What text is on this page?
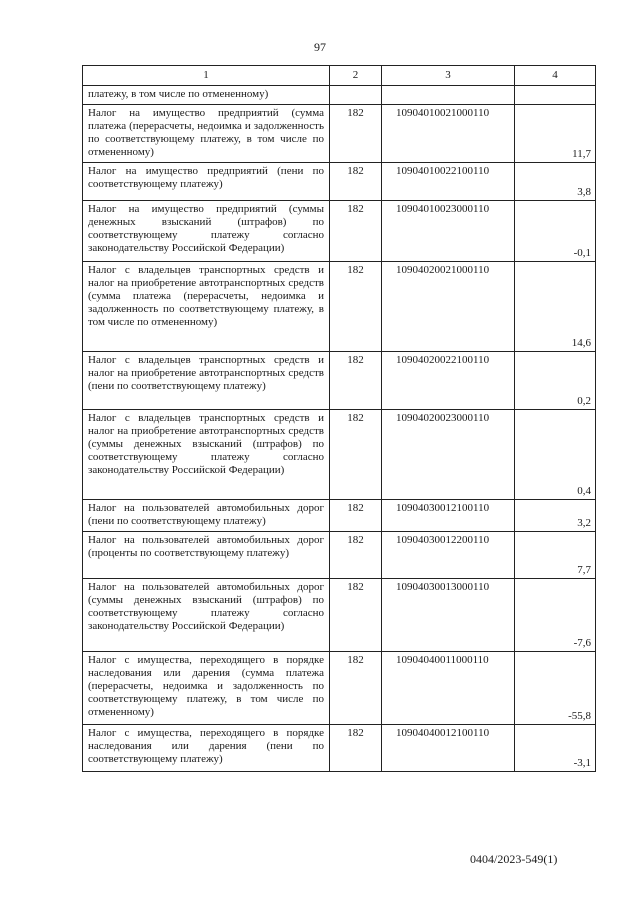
97
1	2	3	4
платежу, в том числе по отмененному)			
Налог на имущество предприятий (сумма платежа (перерасчеты, недоимка и задолженность по соответствующему платежу, в том числе по отмененному)	182	10904010021000110	11,7
Налог на имущество предприятий (пени по соответствующему платежу)	182	10904010022100110	3,8
Налог на имущество предприятий (суммы денежных взысканий (штрафов) по соответствующему платежу согласно законодательству Российской Федерации)	182	10904010023000110	-0,1
Налог с владельцев транспортных средств и налог на приобретение автотранспортных средств (сумма платежа (перерасчеты, недоимка и задолженность по соответствующему платежу, в том числе по отмененному)	182	10904020021000110	14,6
Налог с владельцев транспортных средств и налог на приобретение автотранспортных средств (пени по соответствующему платежу)	182	10904020022100110	0,2
Налог с владельцев транспортных средств и налог на приобретение автотранспортных средств (суммы денежных взысканий (штрафов) по соответствующему платежу согласно законодательству Российской Федерации)	182	10904020023000110	0,4
Налог на пользователей автомобильных дорог (пени по соответствующему платежу)	182	10904030012100110	3,2
Налог на пользователей автомобильных дорог (проценты по соответствующему платежу)	182	10904030012200110	7,7
Налог на пользователей автомобильных дорог (суммы денежных взысканий (штрафов) по соответствующему платежу согласно законодательству Российской Федерации)	182	10904030013000110	-7,6
Налог с имущества, переходящего в порядке наследования или дарения (сумма платежа (перерасчеты, недоимка и задолженность по соответствующему платежу, в том числе по отмененному)	182	10904040011000110	-55,8
Налог с имущества, переходящего в порядке наследования или дарения (пени по соответствующему платежу)	182	10904040012100110	-3,1
0404/2023-549(1)
